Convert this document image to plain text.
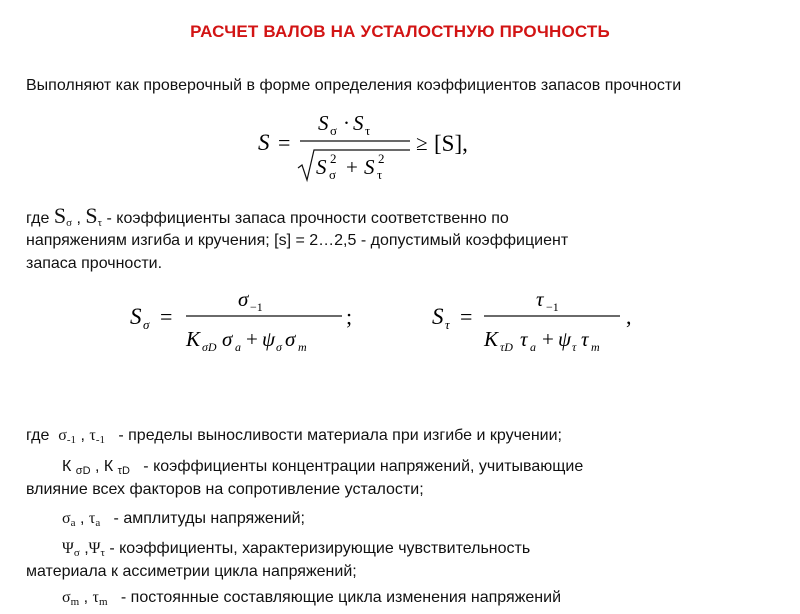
РАСЧЕТ ВАЛОВ НА УСТАЛОСТНУЮ ПРОЧНОСТЬ
Выполняют как проверочный в форме определения коэффициентов запасов прочности
S =
S σ · S τ
S σ
2 + S τ
2
≥ [S],
где $S_\sigma$ , $S_\tau$ - коэффициенты запаса прочности соответственно по
напряжениям изгиба и кручения; [s] = 2…2,5 - допустимый коэффициент
запаса прочности.
S σ =
σ −1
K σD σ a + ψ σ σ m
;	S τ =
τ −1
K τD τ a + ψ τ τ m
,
где $\sigma_{-1}$ , $\tau_{-1}$ - пределы выносливости материала при изгибе и кручении;
К $_{\sigma D}$ , К $_{\tau D}$ - коэффициенты концентрации напряжений, учитывающие
влияние всех факторов на сопротивление усталости;
$\sigma_a$ , $\tau_a$ - амплитуды напряжений;
$\Psi_\sigma$ $,\Psi_\tau$ - коэффициенты, характеризирующие чувствительность
материала к ассиметрии цикла напряжений;
$\sigma_m$ , $\tau_m$ - постоянные составляющие цикла изменения напряжений
